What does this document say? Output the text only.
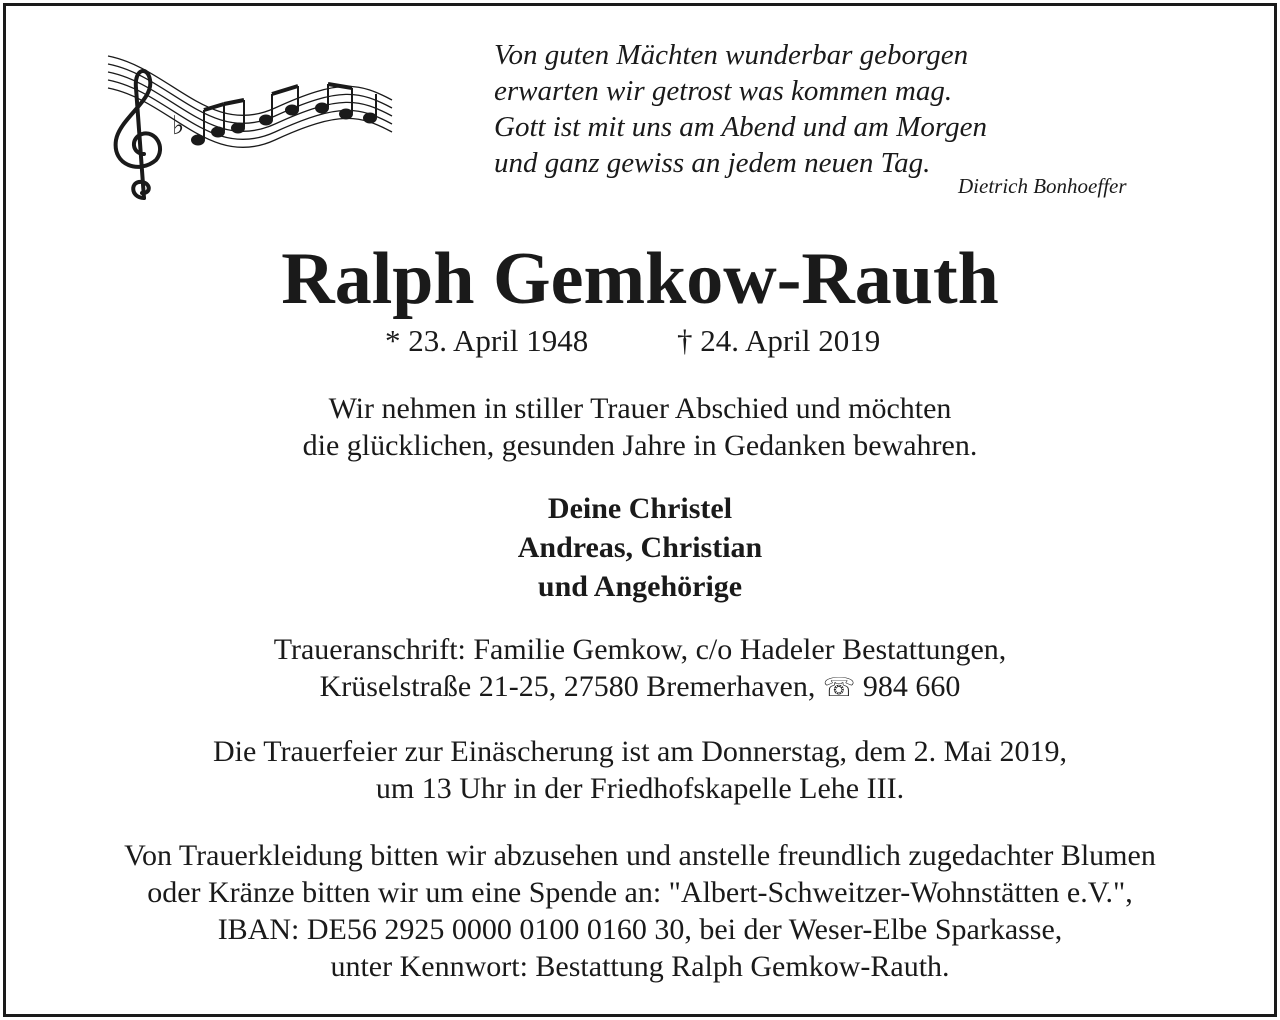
♭
Von guten Mächten wunderbar geborgen
erwarten wir getrost was kommen mag.
Gott ist mit uns am Abend und am Morgen
und ganz gewiss an jedem neuen Tag.
Dietrich Bonhoeffer
Ralph Gemkow-Rauth
* 23. April 1948	† 24. April 2019
Wir nehmen in stiller Trauer Abschied und möchten
die glücklichen, gesunden Jahre in Gedanken bewahren.
Deine Christel
Andreas, Christian
und Angehörige
Traueranschrift: Familie Gemkow, c/o Hadeler Bestattungen,
Krüselstraße 21-25, 27580 Bremerhaven, ☏ 984 660
Die Trauerfeier zur Einäscherung ist am Donnerstag, dem 2. Mai 2019,
um 13 Uhr in der Friedhofskapelle Lehe III.
Von Trauerkleidung bitten wir abzusehen und anstelle freundlich zugedachter Blumen
oder Kränze bitten wir um eine Spende an: "Albert-Schweitzer-Wohnstätten e.V.",
IBAN: DE56 2925 0000 0100 0160 30, bei der Weser-Elbe Sparkasse,
unter Kennwort: Bestattung Ralph Gemkow-Rauth.
